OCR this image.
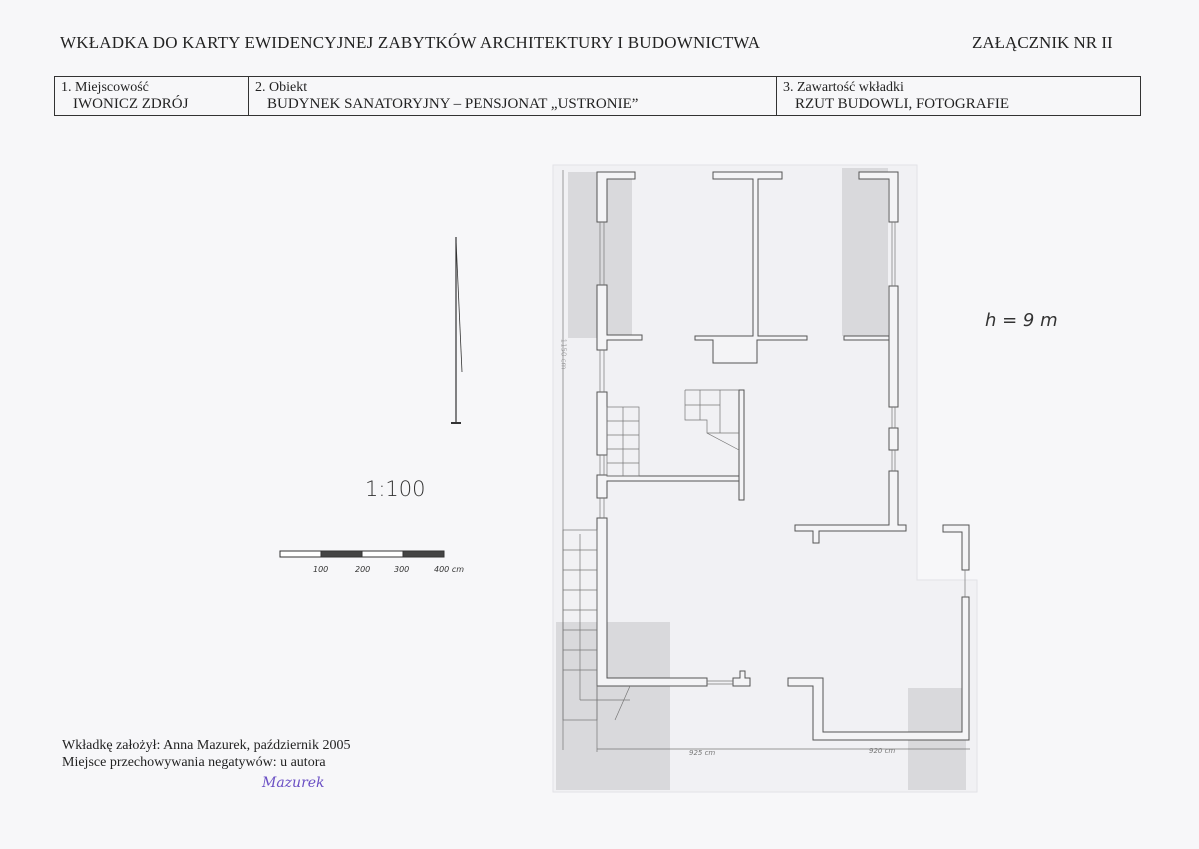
WKŁADKA DO KARTY EWIDENCYJNEJ ZABYTKÓW ARCHITEKTURY I BUDOWNICTWA	ZAŁĄCZNIK NR II
1. Miejscowość
IWONICZ ZDRÓJ
2. Obiekt
BUDYNEK SANATORYJNY – PENSJONAT „USTRONIE”
3. Zawartość wkładki
RZUT BUDOWLI, FOTOGRAFIE
1150 cm
925 cm	920 cm
1:100
100	200	300	400 cm
h = 9 m
Wkładkę założył: Anna Mazurek, październik 2005
Miejsce przechowywania negatywów: u autora
Mazurek
